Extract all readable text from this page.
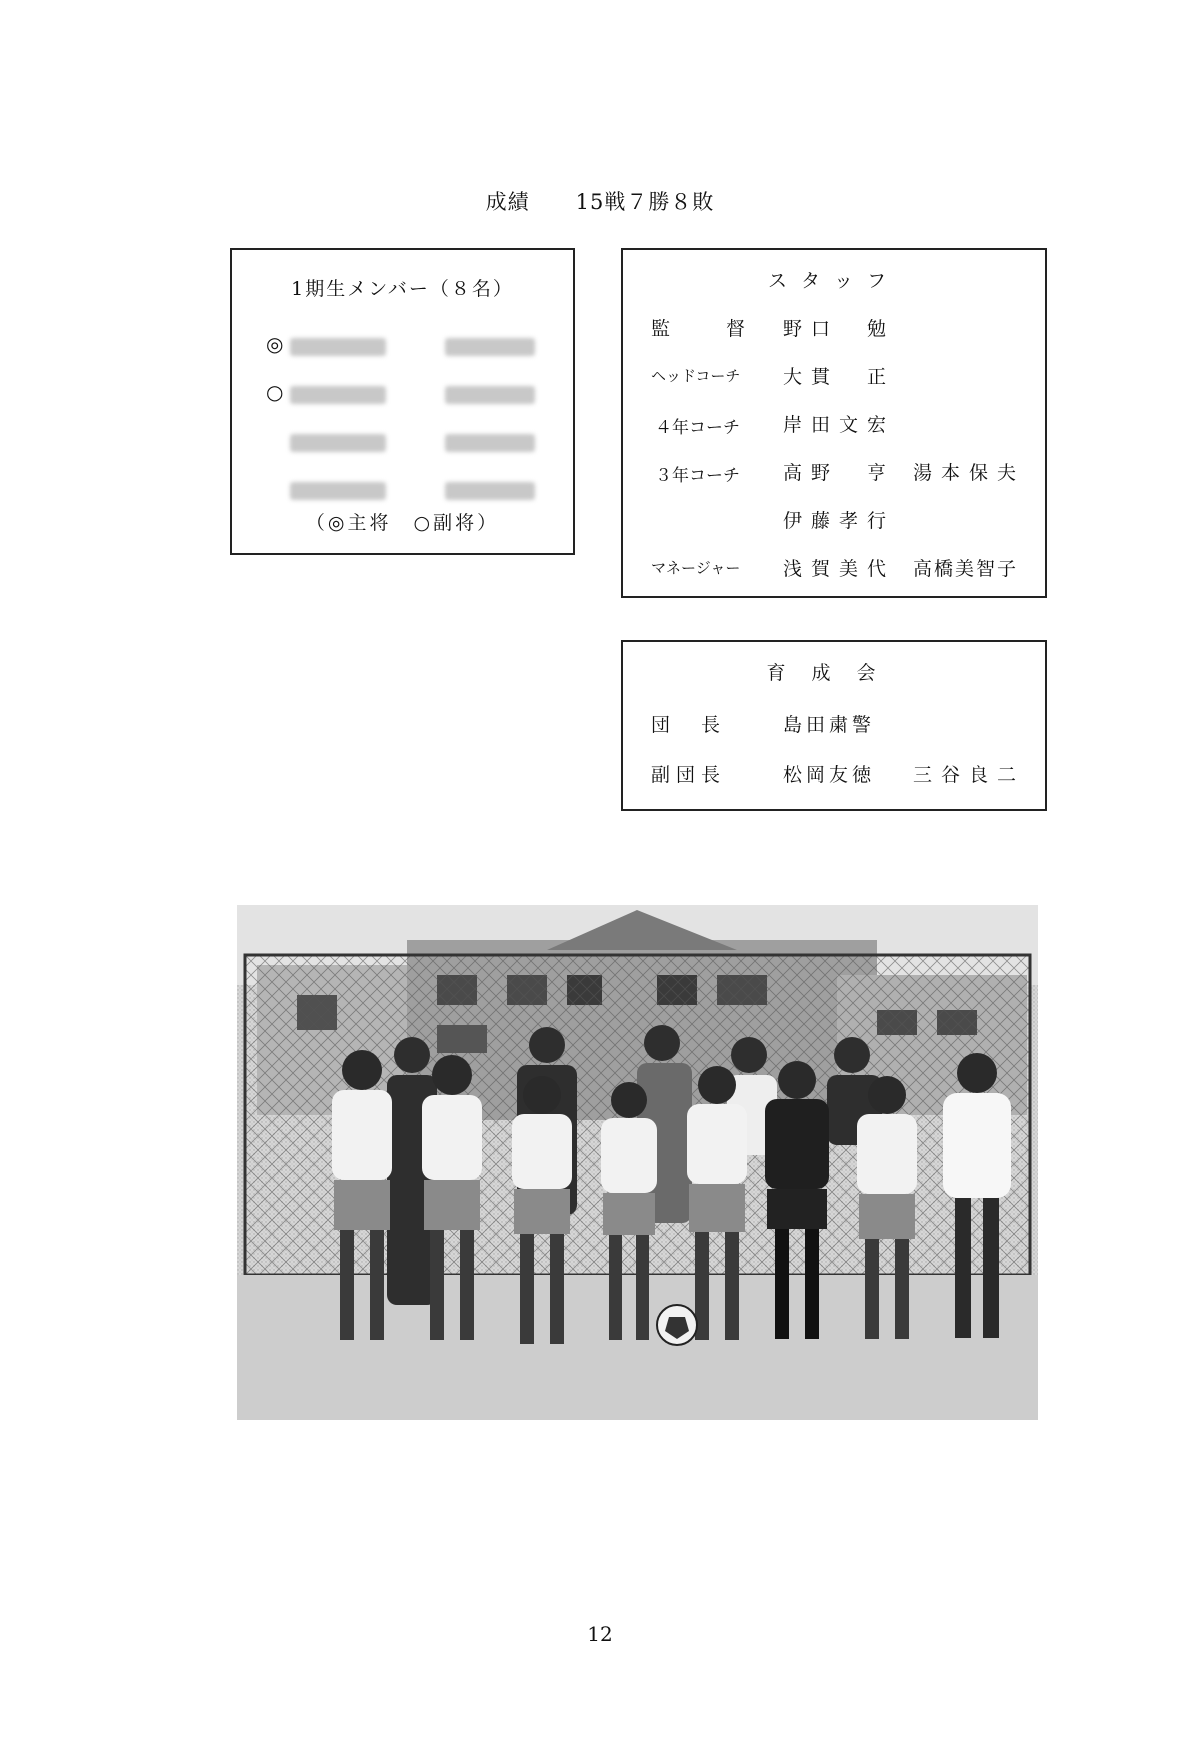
成績 15戦７勝８敗
1期生メンバー（８名）
◎
○
（◎主将　○副将）
スタッフ
監　　督 野口　勉
ヘッドコーチ 大貫　正
４年コーチ 岸田文宏
３年コーチ 高野　亨 湯本保夫
伊藤孝行
マネージャー 浅賀美代 高橋美智子
育成会
団　長	島田粛警
副団長	松岡友徳 三谷良二
12
